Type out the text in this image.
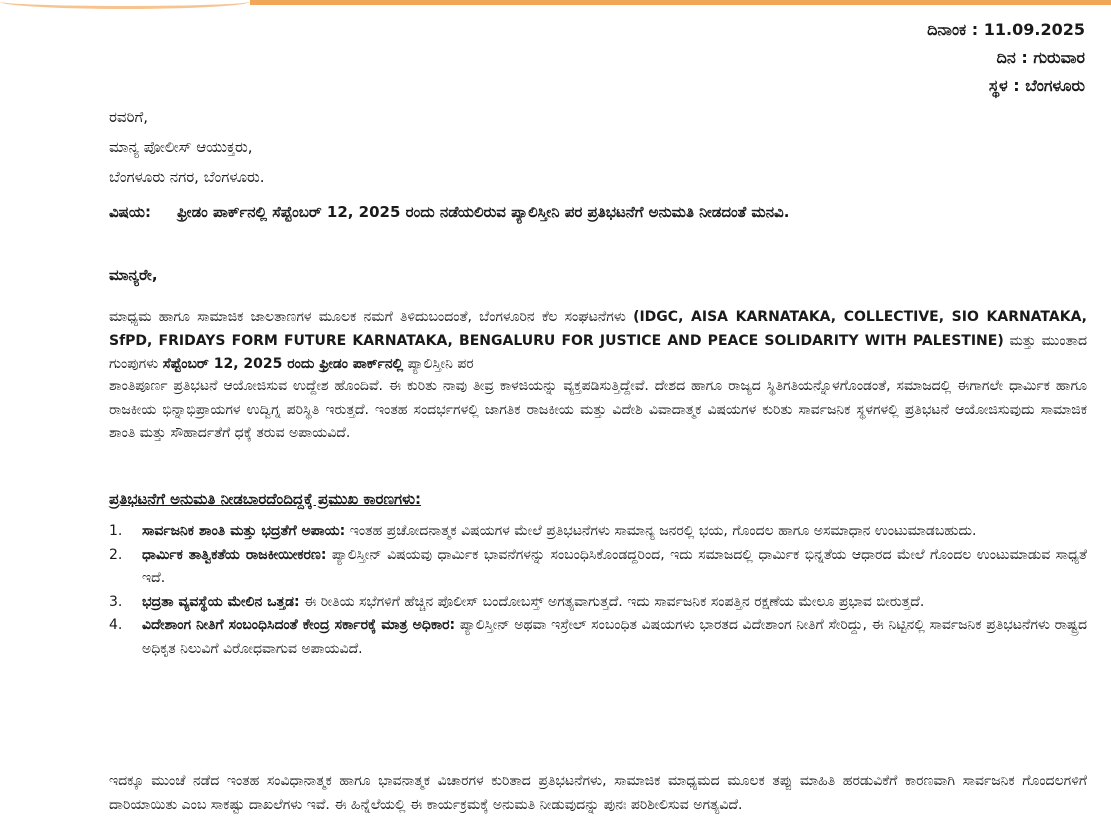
ದಿನಾಂಕ : 11.09.2025
ದಿನ : ಗುರುವಾರ
ಸ್ಥಳ : ಬೆಂಗಳೂರು
ರವರಿಗೆ,
ಮಾನ್ಯ ಪೋಲೀಸ್ ಆಯುಕ್ತರು,
ಬೆಂಗಳೂರು ನಗರ, ಬೆಂಗಳೂರು.
ವಿಷಯ: ಫ್ರೀಡಂ ಪಾರ್ಕ್‌ನಲ್ಲಿ ಸೆಪ್ಟೆಂಬರ್ 12, 2025 ರಂದು ನಡೆಯಲಿರುವ ಪ್ಯಾಲಿಸ್ತೀನಿ ಪರ ಪ್ರತಿಭಟನೆಗೆ ಅನುಮತಿ ನೀಡದಂತೆ ಮನವಿ.
ಮಾನ್ಯರೇ,
ಮಾಧ್ಯಮ ಹಾಗೂ ಸಾಮಾಜಿಕ ಜಾಲತಾಣಗಳ ಮೂಲಕ ನಮಗೆ ತಿಳಿದುಬಂದಂತೆ, ಬೆಂಗಳೂರಿನ ಕೆಲ ಸಂಘಟನೆಗಳು (IDGC, AISA KARNATAKA, COLLECTIVE, SIO KARNATAKA, SfPD, FRIDAYS FORM FUTURE KARNATAKA, BENGALURU FOR JUSTICE AND PEACE SOLIDARITY WITH PALESTINE) ಮತ್ತು ಮುಂತಾದ ಗುಂಪುಗಳು ಸೆಪ್ಟೆಂಬರ್ 12, 2025 ರಂದು ಫ್ರೀಡಂ ಪಾರ್ಕ್‌ನಲ್ಲಿ ಪ್ಯಾಲಿಸ್ತೀನಿ ಪರ
ಶಾಂತಿಪೂರ್ಣ ಪ್ರತಿಭಟನೆ ಆಯೋಜಿಸುವ ಉದ್ದೇಶ ಹೊಂದಿವೆ. ಈ ಕುರಿತು ನಾವು ತೀವ್ರ ಕಾಳಜಿಯನ್ನು ವ್ಯಕ್ತಪಡಿಸುತ್ತಿದ್ದೇವೆ. ದೇಶದ ಹಾಗೂ ರಾಜ್ಯದ ಸ್ಥಿತಿಗತಿಯನ್ನೊಳಗೊಂಡಂತೆ, ಸಮಾಜದಲ್ಲಿ ಈಗಾಗಲೇ ಧಾರ್ಮಿಕ ಹಾಗೂ ರಾಜಕೀಯ ಭಿನ್ನಾಭಿಪ್ರಾಯಗಳ ಉದ್ವಿಗ್ನ ಪರಿಸ್ಥಿತಿ ಇರುತ್ತದೆ. ಇಂತಹ ಸಂದರ್ಭಗಳಲ್ಲಿ ಜಾಗತಿಕ ರಾಜಕೀಯ ಮತ್ತು ವಿದೇಶಿ ವಿವಾದಾತ್ಮಕ ವಿಷಯಗಳ ಕುರಿತು ಸಾರ್ವಜನಿಕ ಸ್ಥಳಗಳಲ್ಲಿ ಪ್ರತಿಭಟನೆ ಆಯೋಜಿಸುವುದು ಸಾಮಾಜಿಕ ಶಾಂತಿ ಮತ್ತು ಸೌಹಾರ್ದತೆಗೆ ಧಕ್ಕೆ ತರುವ ಅಪಾಯವಿದೆ.
ಪ್ರತಿಭಟನೆಗೆ ಅನುಮತಿ ನೀಡಬಾರದೆಂದಿದ್ದಕ್ಕೆ ಪ್ರಮುಖ ಕಾರಣಗಳು:
1. ಸಾರ್ವಜನಿಕ ಶಾಂತಿ ಮತ್ತು ಭದ್ರತೆಗೆ ಅಪಾಯ: ಇಂತಹ ಪ್ರಚೋದನಾತ್ಮಕ ವಿಷಯಗಳ ಮೇಲೆ ಪ್ರತಿಭಟನೆಗಳು ಸಾಮಾನ್ಯ ಜನರಲ್ಲಿ ಭಯ, ಗೊಂದಲ ಹಾಗೂ ಅಸಮಾಧಾನ ಉಂಟುಮಾಡಬಹುದು.
2. ಧಾರ್ಮಿಕ ತಾತ್ವಿಕತೆಯ ರಾಜಕೀಯೀಕರಣ: ಪ್ಯಾಲಿಸ್ತೀನ್ ವಿಷಯವು ಧಾರ್ಮಿಕ ಭಾವನೆಗಳನ್ನು ಸಂಬಂಧಿಸಿಕೊಂಡದ್ದರಿಂದ, ಇದು ಸಮಾಜದಲ್ಲಿ ಧಾರ್ಮಿಕ ಭಿನ್ನತೆಯ ಆಧಾರದ ಮೇಲೆ ಗೊಂದಲ ಉಂಟುಮಾಡುವ ಸಾಧ್ಯತೆ ಇದೆ.
3. ಭದ್ರತಾ ವ್ಯವಸ್ಥೆಯ ಮೇಲಿನ ಒತ್ತಡ: ಈ ರೀತಿಯ ಸಭೆಗಳಿಗೆ ಹೆಚ್ಚಿನ ಪೊಲೀಸ್ ಬಂದೋಬಸ್ತ್ ಅಗತ್ಯವಾಗುತ್ತದೆ. ಇದು ಸಾರ್ವಜನಿಕ ಸಂಪತ್ತಿನ ರಕ್ಷಣೆಯ ಮೇಲೂ ಪ್ರಭಾವ ಬೀರುತ್ತದೆ.
4. ವಿದೇಶಾಂಗ ನೀತಿಗೆ ಸಂಬಂಧಿಸಿದಂತೆ ಕೇಂದ್ರ ಸರ್ಕಾರಕ್ಕೆ ಮಾತ್ರ ಅಧಿಕಾರ: ಪ್ಯಾಲಿಸ್ತೀನ್ ಅಥವಾ ಇಸ್ರೇಲ್ ಸಂಬಂಧಿತ ವಿಷಯಗಳು ಭಾರತದ ವಿದೇಶಾಂಗ ನೀತಿಗೆ ಸೇರಿದ್ದು, ಈ ನಿಟ್ಟಿನಲ್ಲಿ ಸಾರ್ವಜನಿಕ ಪ್ರತಿಭಟನೆಗಳು ರಾಷ್ಟ್ರದ ಅಧಿಕೃತ ನಿಲುವಿಗೆ ವಿರೋಧವಾಗುವ ಅಪಾಯವಿದೆ.
ಇದಕ್ಕೂ ಮುಂಚೆ ನಡೆದ ಇಂತಹ ಸಂವಿಧಾನಾತ್ಮಕ ಹಾಗೂ ಭಾವನಾತ್ಮಕ ವಿಚಾರಗಳ ಕುರಿತಾದ ಪ್ರತಿಭಟನೆಗಳು, ಸಾಮಾಜಿಕ ಮಾಧ್ಯಮದ ಮೂಲಕ ತಪ್ಪು ಮಾಹಿತಿ ಹರಡುವಿಕೆಗೆ ಕಾರಣವಾಗಿ ಸಾರ್ವಜನಿಕ ಗೊಂದಲಗಳಿಗೆ ದಾರಿಯಾಯಿತು ಎಂಬ ಸಾಕಷ್ಟು ದಾಖಲೆಗಳು ಇವೆ. ಈ ಹಿನ್ನೆಲೆಯಲ್ಲಿ ಈ ಕಾರ್ಯಕ್ರಮಕ್ಕೆ ಅನುಮತಿ ನೀಡುವುದನ್ನು ಪುನಃ ಪರಿಶೀಲಿಸುವ ಅಗತ್ಯವಿದೆ.
